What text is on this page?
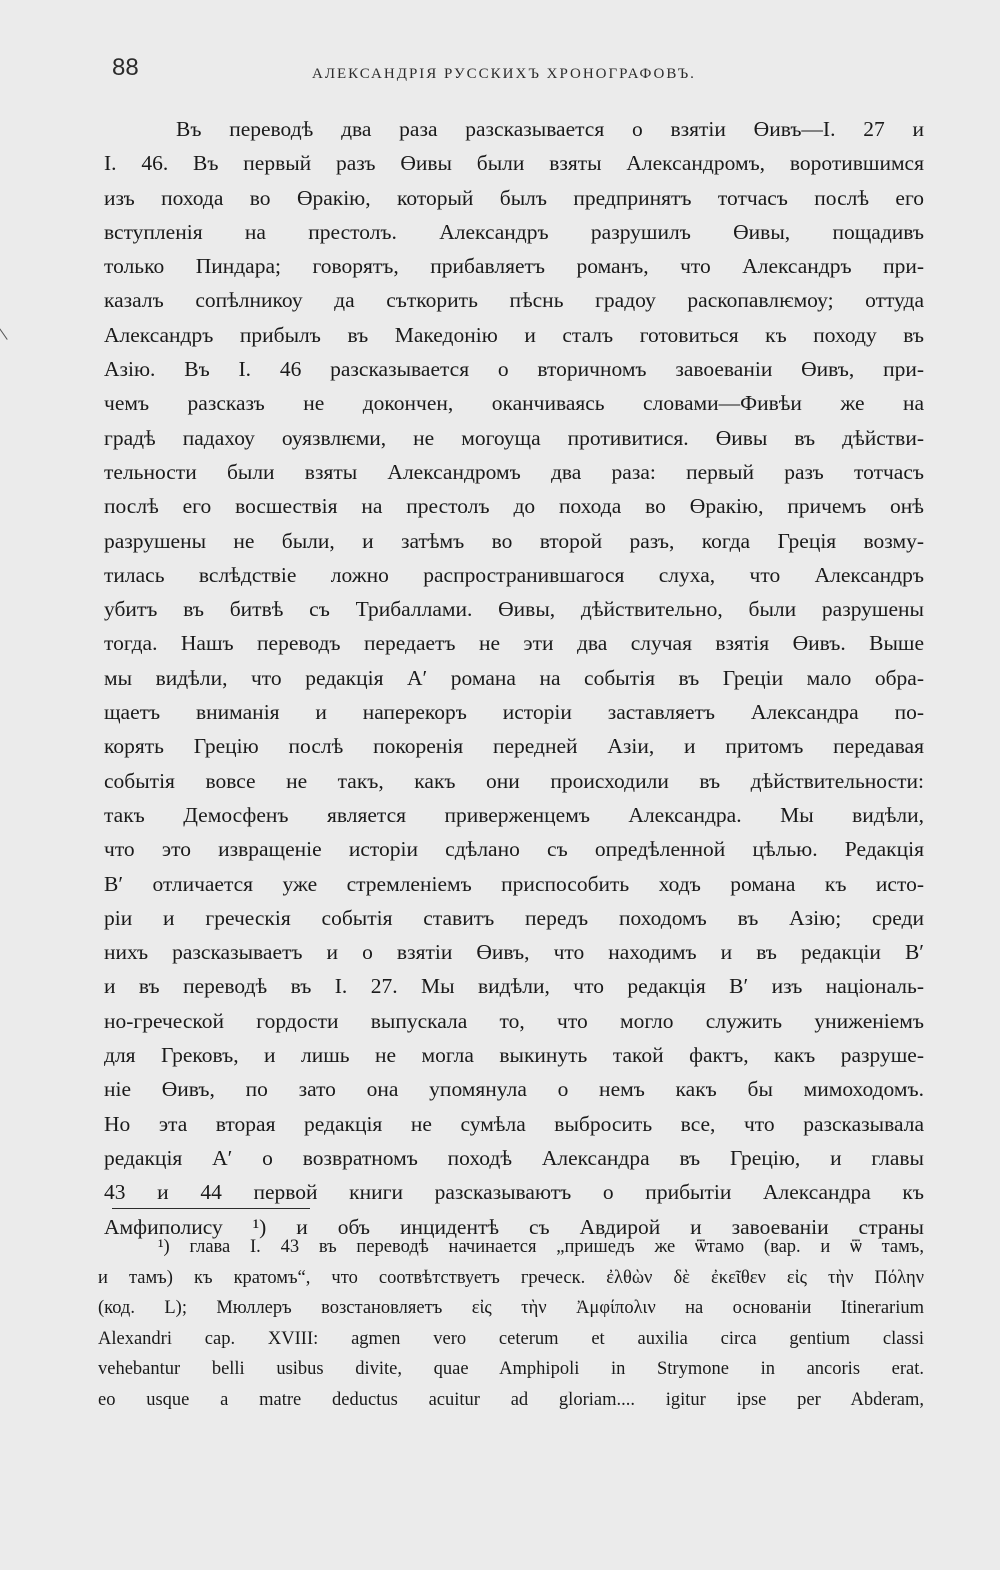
88	АЛЕКСАНДРІЯ РУССКИХЪ ХРОНОГРАФОВЪ.
Въ переводѣ два раза разсказывается о взятіи Өивъ—І. 27 и
І. 46. Въ первый разъ Өивы были взяты Александромъ, воротившимся
изъ похода во Өракію, который былъ предпринятъ тотчасъ послѣ его
вступленія на престолъ. Александръ разрушилъ Өивы, пощадивъ
только Пиндара; говорятъ, прибавляетъ романъ, что Александръ при-
казалъ сопѣлникоу да съткорить пѣснь градоу раскопавлѥмоу; оттуда
Александръ прибылъ въ Македонію и сталъ готовиться къ походу въ
Азію. Въ І. 46 разсказывается о вторичномъ завоеваніи Өивъ, при-
чемъ разсказъ не докончен, оканчиваясь словами—Фивѣи же на
градѣ падахоу оуязвлѥми, не могоуща противитися. Өивы въ дѣйстви-
тельности были взяты Александромъ два раза: первый разъ тотчасъ
послѣ его восшествія на престолъ до похода во Өракію, причемъ онѣ
разрушены не были, и затѣмъ во второй разъ, когда Греція возму-
тилась вслѣдствіе ложно распространившагося слуха, что Александръ
убитъ въ битвѣ съ Трибаллами. Өивы, дѣйствительно, были разрушены
тогда. Нашъ переводъ передаетъ не эти два случая взятія Өивъ. Выше
мы видѣли, что редакція А′ романа на событія въ Греціи мало обра-
щаетъ вниманія и наперекоръ исторіи заставляетъ Александра по-
корять Грецію послѣ покоренія передней Азіи, и притомъ передавая
событія вовсе не такъ, какъ они происходили въ дѣйствительности:
такъ Демосфенъ является приверженцемъ Александра. Мы видѣли,
что это извращеніе исторіи сдѣлано съ опредѣленной цѣлью. Редакція
В′ отличается уже стремленіемъ приспособить ходъ романа къ исто-
ріи и греческія событія ставитъ передъ походомъ въ Азію; среди
нихъ разсказываетъ и о взятіи Өивъ, что находимъ и въ редакціи В′
и въ переводѣ въ І. 27. Мы видѣли, что редакція В′ изъ національ-
но-греческой гордости выпускала то, что могло служить униженіемъ
для Грековъ, и лишь не могла выкинуть такой фактъ, какъ разруше-
ніе Өивъ, по зато она упомянула о немъ какъ бы мимоходомъ.
Но эта вторая редакція не сумѣла выбросить все, что разсказывала
редакція А′ о возвратномъ походѣ Александра въ Грецію, и главы
43 и 44 первой книги разсказываютъ о прибытіи Александра къ
Амфиполису ¹) и объ инцидентѣ съ Авдирой и завоеваніи страны
¹) глава І. 43 въ переводѣ начинается „пришедъ же ѿтамо (вар. и ѿ тамъ,
и тамъ) къ кратомъ“, что соотвѣтствуетъ греческ. ἐλθὼν δὲ ἐκεῖθεν εἰς τὴν Πόλην
(код. L); Мюллеръ возстановляетъ εἰς τὴν Ἀμφίπολιν на основаніи Itinerarium
Alexandri cap. XVIII: agmen vero ceterum et auxilia circa gentium classi
vehebantur belli usibus divite, quae Amphipoli in Strymone in ancoris erat.
eo usque a matre deductus acuitur ad gloriam.... igitur ipse per Abderam,
